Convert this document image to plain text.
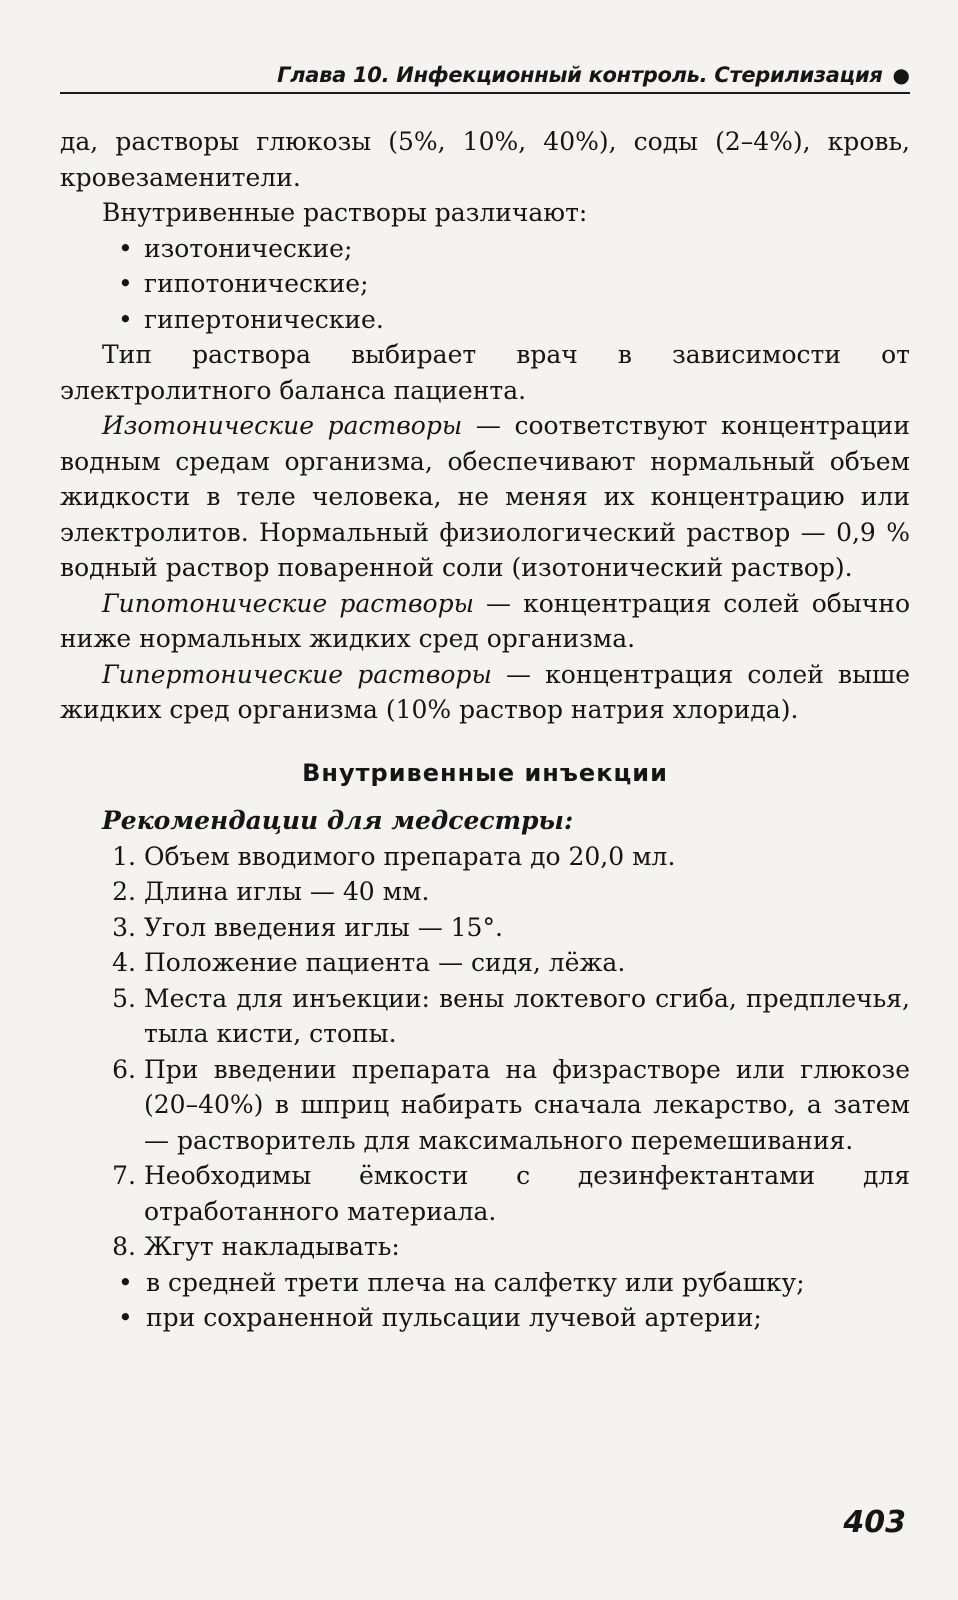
Глава 10. Инфекционный контроль. Стерилизация ●

да, растворы глюкозы (5%, 10%, 40%), соды (2–4%), кровь, кровезаменители.

Внутривенные растворы различают:

• изотонические;
• гипотонические;
• гипертонические.

Тип раствора выбирает врач в зависимости от электролитного баланса пациента.

Изотонические растворы — соответствуют концентрации водным средам организма, обеспечивают нормальный объем жидкости в теле человека, не меняя их концентрацию или электролитов. Нормальный физиологический раствор — 0,9 % водный раствор поваренной соли (изотонический раствор).

Гипотонические растворы — концентрация солей обычно ниже нормальных жидких сред организма.

Гипертонические растворы — концентрация солей выше жидких сред организма (10% раствор натрия хлорида).

Внутривенные инъекции
Рекомендации для медсестры:
1. Объем вводимого препарата до 20,0 мл.
2. Длина иглы — 40 мм.
3. Угол введения иглы — 15°.
4. Положение пациента — сидя, лёжа.
5. Места для инъекции: вены локтевого сгиба, предплечья, тыла кисти, стопы.
6. При введении препарата на физрастворе или глюкозе (20–40%) в шприц набирать сначала лекарство, а затем — растворитель для максимального перемешивания.
7. Необходимы ёмкости с дезинфектантами для отработанного материала.
8. Жгут накладывать:
• в средней трети плеча на салфетку или рубашку;
• при сохраненной пульсации лучевой артерии;
403
